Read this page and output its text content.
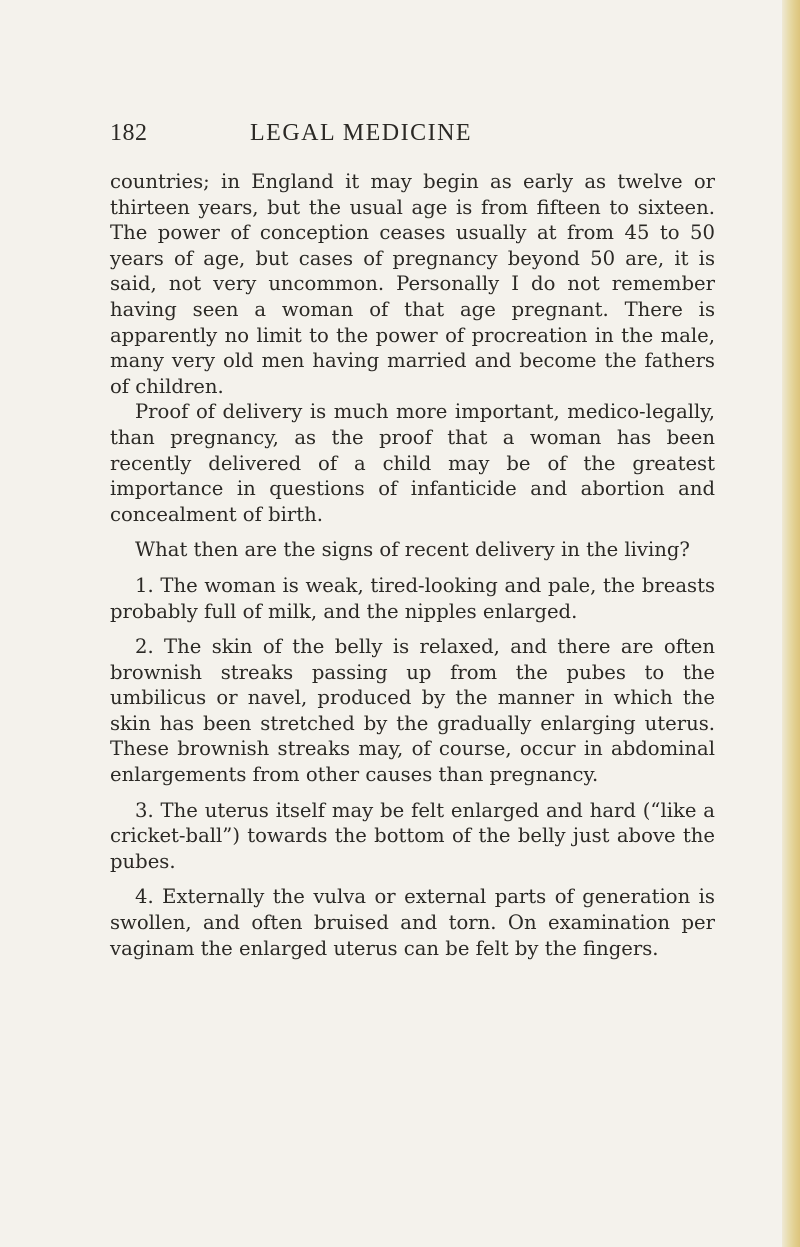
182	LEGAL MEDICINE

countries; in England it may begin as early as twelve or thirteen years, but the usual age is from fifteen to sixteen. The power of conception ceases usually at from 45 to 50 years of age, but cases of pregnancy beyond 50 are, it is said, not very uncommon. Personally I do not remember having seen a woman of that age pregnant. There is apparently no limit to the power of procreation in the male, many very old men having married and become the fathers of children.

Proof of delivery is much more important, medico-legally, than pregnancy, as the proof that a woman has been recently delivered of a child may be of the greatest importance in questions of infanticide and abortion and concealment of birth.

What then are the signs of recent delivery in the living?

1. The woman is weak, tired-looking and pale, the breasts probably full of milk, and the nipples enlarged.

2. The skin of the belly is relaxed, and there are often brownish streaks passing up from the pubes to the umbilicus or navel, produced by the manner in which the skin has been stretched by the gradually enlarging uterus. These brownish streaks may, of course, occur in abdominal enlargements from other causes than pregnancy.

3. The uterus itself may be felt enlarged and hard (“like a cricket-ball”) towards the bottom of the belly just above the pubes.

4. Externally the vulva or external parts of generation is swollen, and often bruised and torn. On examination per vaginam the enlarged uterus can be felt by the fingers.
